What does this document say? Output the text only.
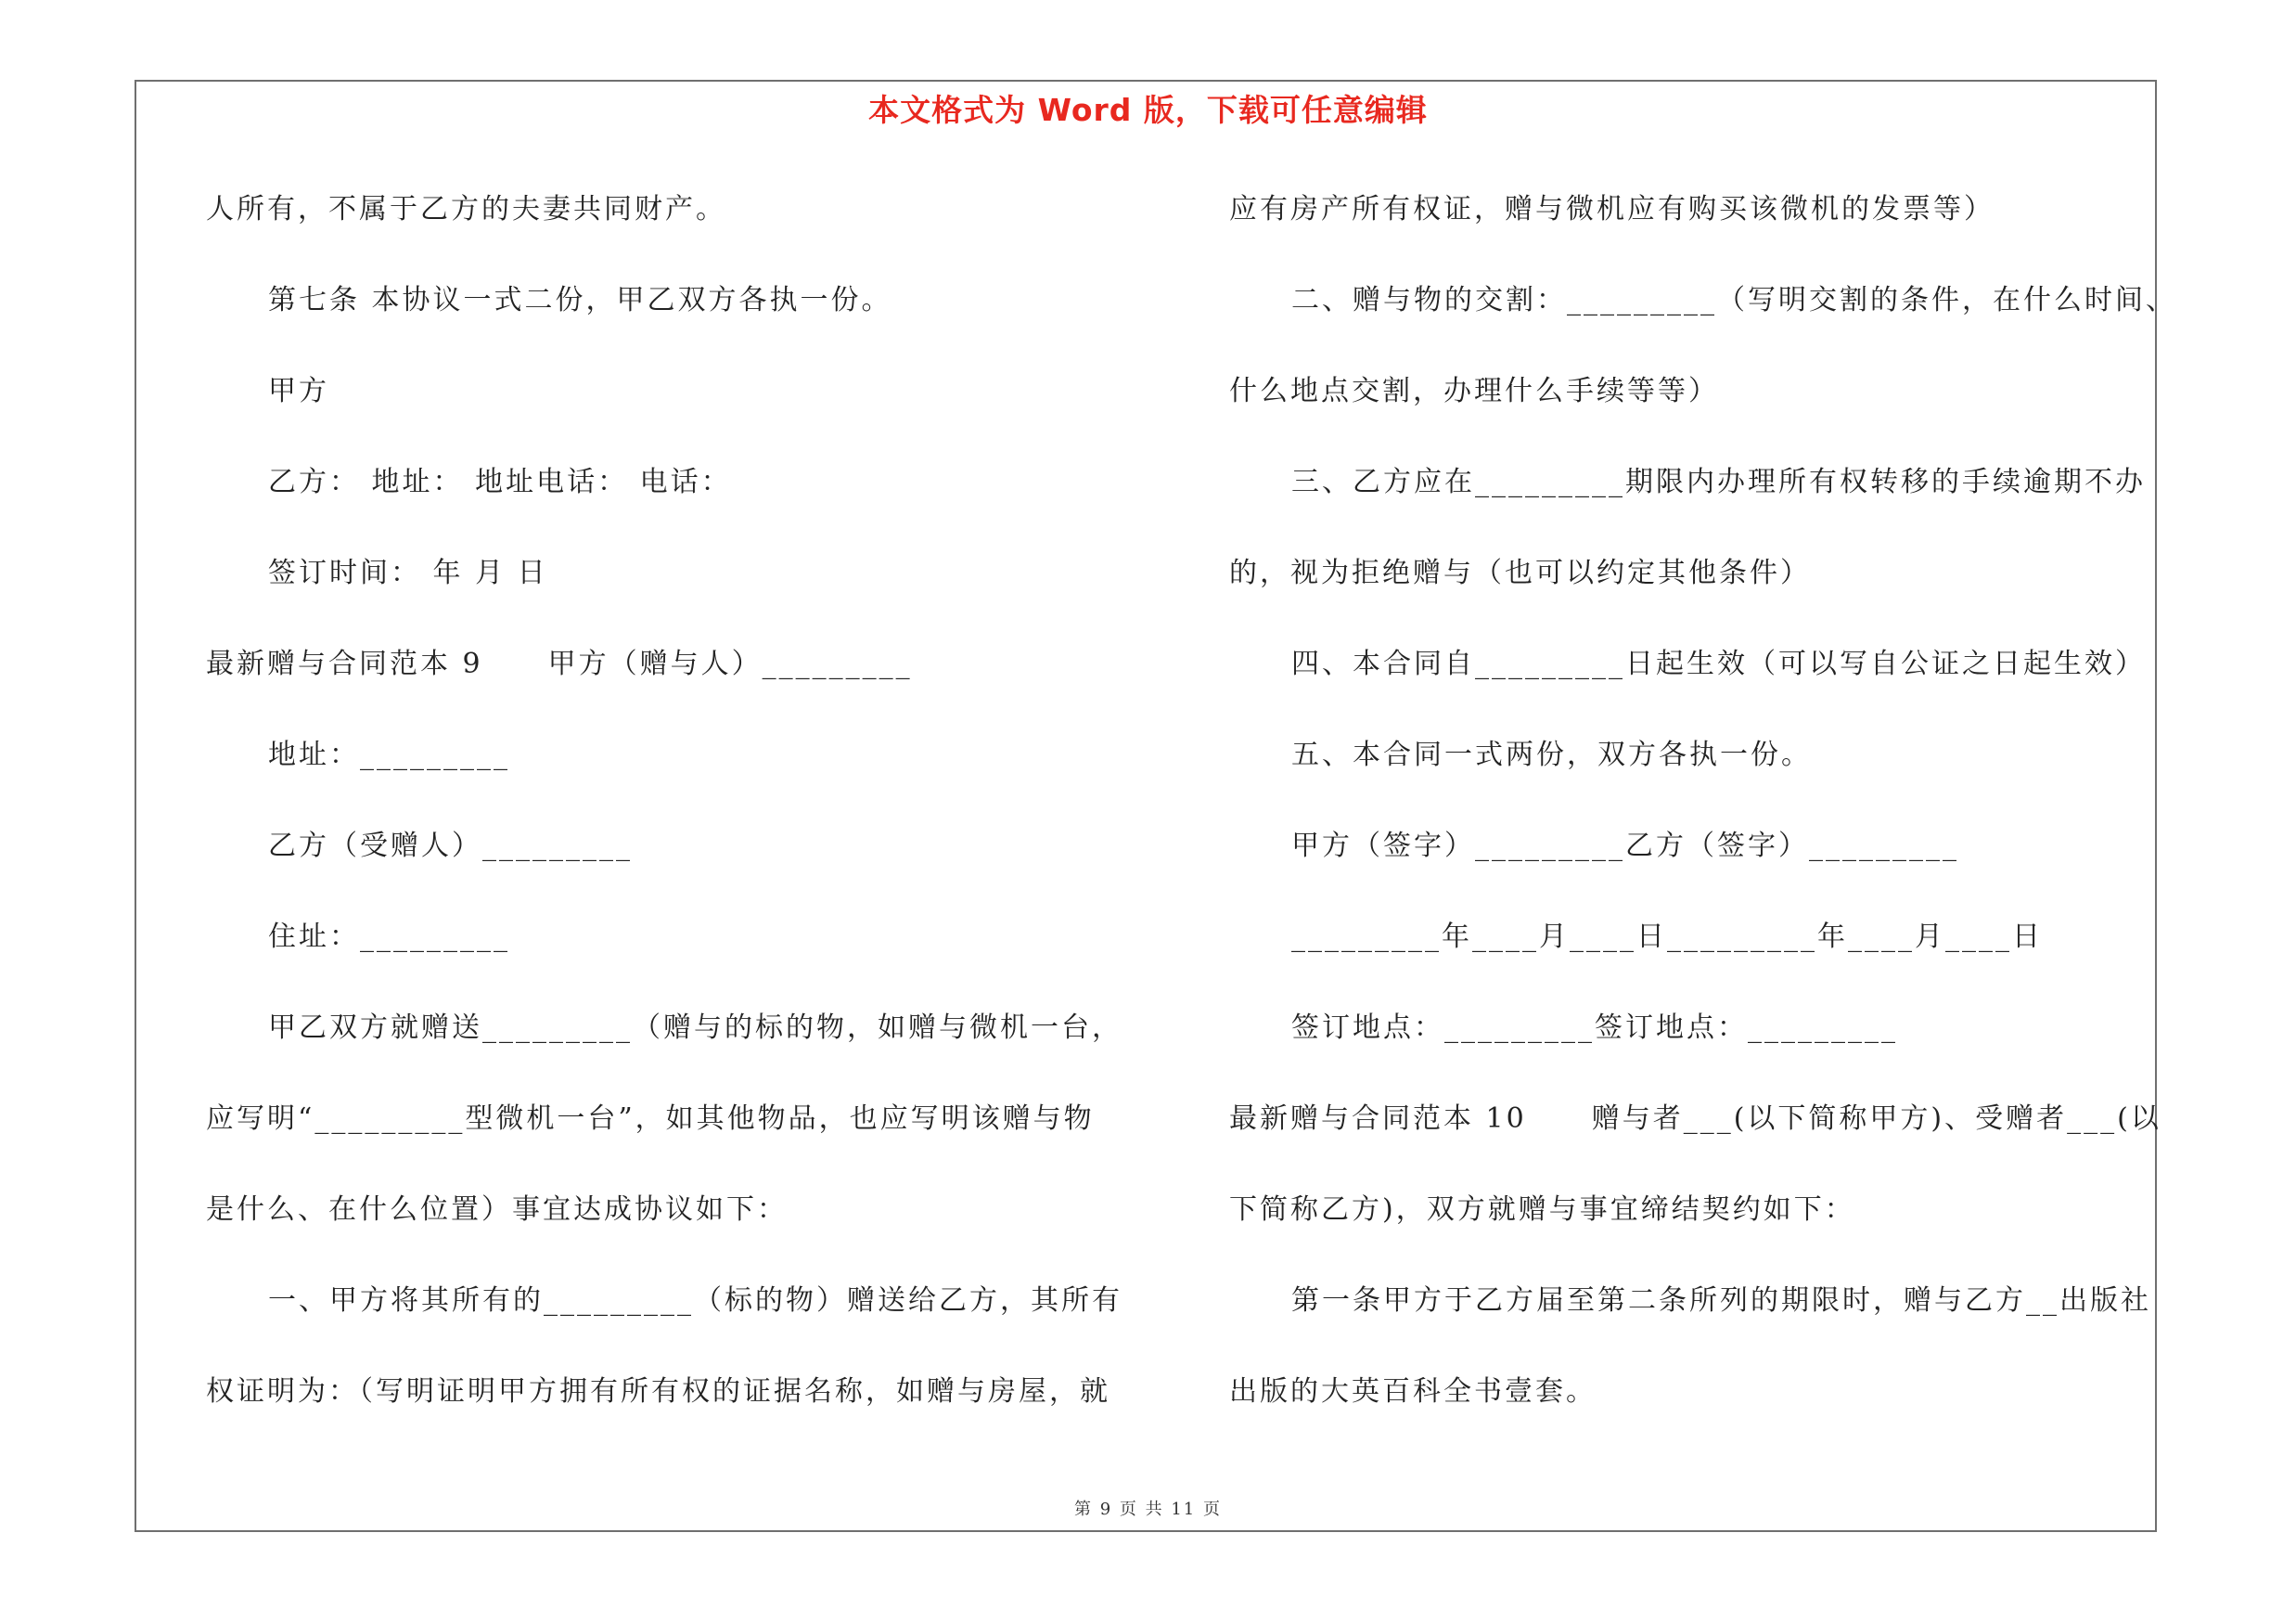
本文格式为 Word 版，下载可任意编辑
人所有，不属于乙方的夫妻共同财产。
第七条 本协议一式二份，甲乙双方各执一份。
甲方
乙方： 地址： 地址电话： 电话：
签订时间： 年 月 日
最新赠与合同范本 9 甲方（赠与人）_________
地址：_________
乙方（受赠人）_________
住址：_________
甲乙双方就赠送_________（赠与的标的物，如赠与微机一台，
应写明“_________型微机一台”，如其他物品，也应写明该赠与物
是什么、在什么位置）事宜达成协议如下：
一、甲方将其所有的_________（标的物）赠送给乙方，其所有
权证明为：（写明证明甲方拥有所有权的证据名称，如赠与房屋，就
应有房产所有权证，赠与微机应有购买该微机的发票等）
二、赠与物的交割：_________（写明交割的条件，在什么时间、
什么地点交割，办理什么手续等等）
三、乙方应在_________期限内办理所有权转移的手续逾期不办
的，视为拒绝赠与（也可以约定其他条件）
四、本合同自_________日起生效（可以写自公证之日起生效）
五、本合同一式两份，双方各执一份。
甲方（签字）_________乙方（签字）_________
_________年____月____日_________年____月____日
签订地点：_________签订地点：_________
最新赠与合同范本 10 赠与者___(以下简称甲方)、受赠者___(以
下简称乙方)，双方就赠与事宜缔结契约如下：
第一条甲方于乙方届至第二条所列的期限时，赠与乙方__出版社
出版的大英百科全书壹套。
第 9 页 共 11 页
